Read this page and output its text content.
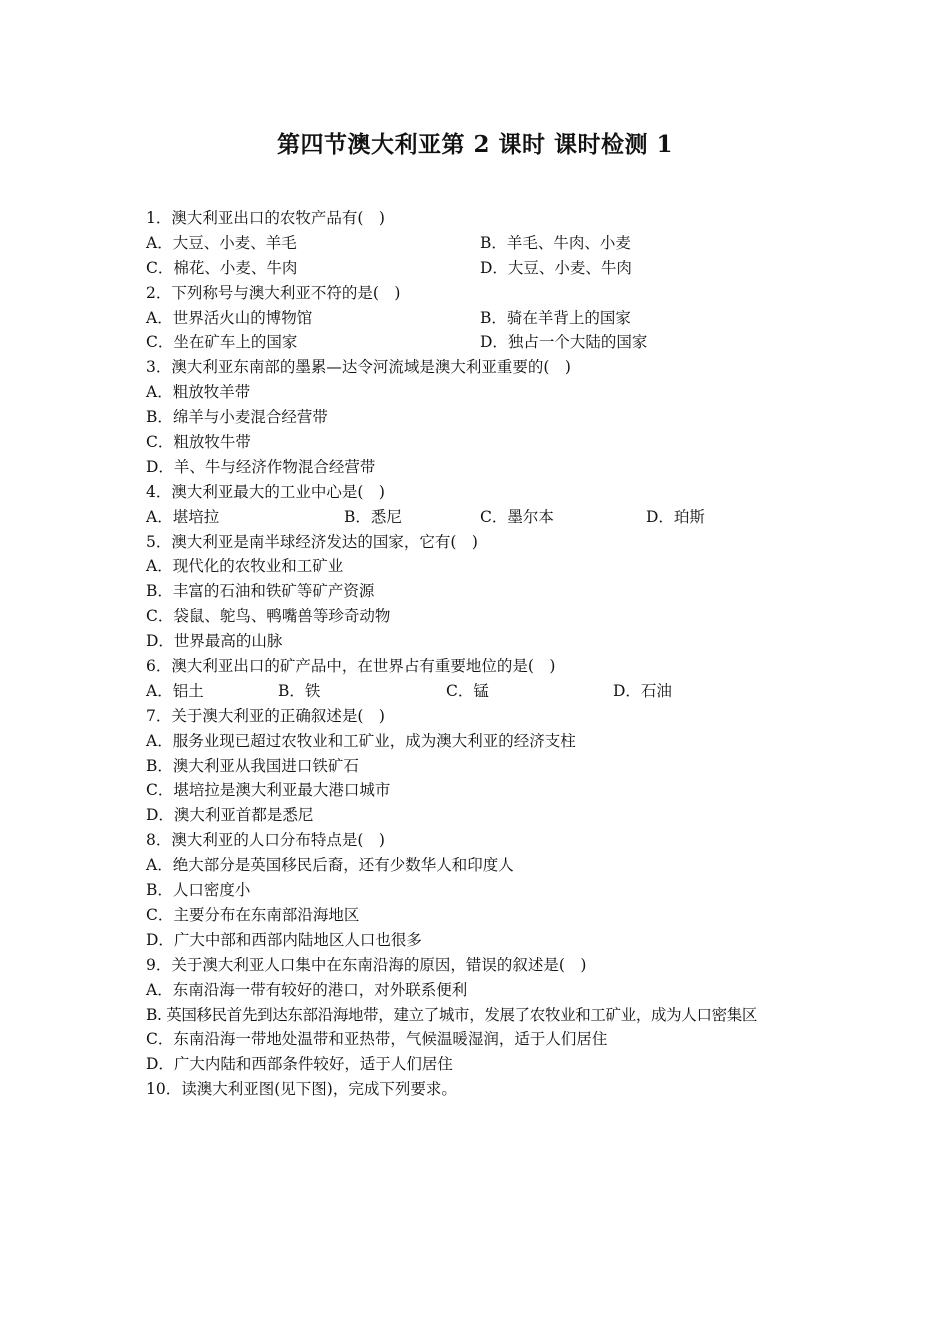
第四节澳大利亚第 2 课时 课时检测 1
1．澳大利亚出口的农牧产品有(　)
A．大豆、小麦、羊毛	B．羊毛、牛肉、小麦
C．棉花、小麦、牛肉	D．大豆、小麦、牛肉
2．下列称号与澳大利亚不符的是(　)
A．世界活火山的博物馆	B．骑在羊背上的国家
C．坐在矿车上的国家	D．独占一个大陆的国家
3．澳大利亚东南部的墨累—达令河流域是澳大利亚重要的(　)
A．粗放牧羊带
B．绵羊与小麦混合经营带
C．粗放牧牛带
D．羊、牛与经济作物混合经营带
4．澳大利亚最大的工业中心是(　)
A．堪培拉	B．悉尼	C．墨尔本	D．珀斯
5．澳大利亚是南半球经济发达的国家，它有(　)
A．现代化的农牧业和工矿业
B．丰富的石油和铁矿等矿产资源
C．袋鼠、鸵鸟、鸭嘴兽等珍奇动物
D．世界最高的山脉
6．澳大利亚出口的矿产品中，在世界占有重要地位的是(　)
A．铝土	B．铁	C．锰	D．石油
7．关于澳大利亚的正确叙述是(　)
A．服务业现已超过农牧业和工矿业，成为澳大利亚的经济支柱
B．澳大利亚从我国进口铁矿石
C．堪培拉是澳大利亚最大港口城市
D．澳大利亚首都是悉尼
8．澳大利亚的人口分布特点是(　)
A．绝大部分是英国移民后裔，还有少数华人和印度人
B．人口密度小
C．主要分布在东南部沿海地区
D．广大中部和西部内陆地区人口也很多
9．关于澳大利亚人口集中在东南沿海的原因，错误的叙述是(　)
A．东南沿海一带有较好的港口，对外联系便利
B. 英国移民首先到达东部沿海地带，建立了城市，发展了农牧业和工矿业，成为人口密集区
C．东南沿海一带地处温带和亚热带，气候温暖湿润，适于人们居住
D．广大内陆和西部条件较好，适于人们居住
10．读澳大利亚图(见下图)，完成下列要求。
